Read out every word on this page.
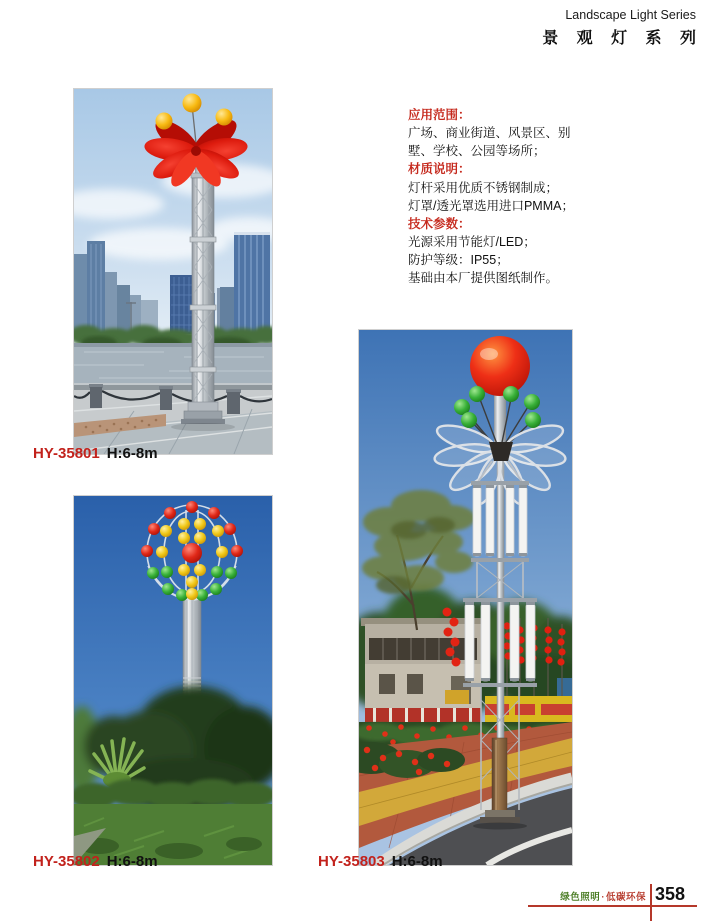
Landscape Light Series
景 观 灯 系 列
HY-35801 H:6-8m
HY-35802 H:6-8m	HY-35803 H:6-8m
应用范围：
广场、商业街道、风景区、别
墅、学校、公园等场所；
材质说明：
灯杆采用优质不锈钢制成；
灯罩/透光罩选用进口PMMA；
技术参数：
光源采用节能灯/LED；
防护等级：IP55；
基础由本厂提供图纸制作。
绿色照明·低碳环保 358
